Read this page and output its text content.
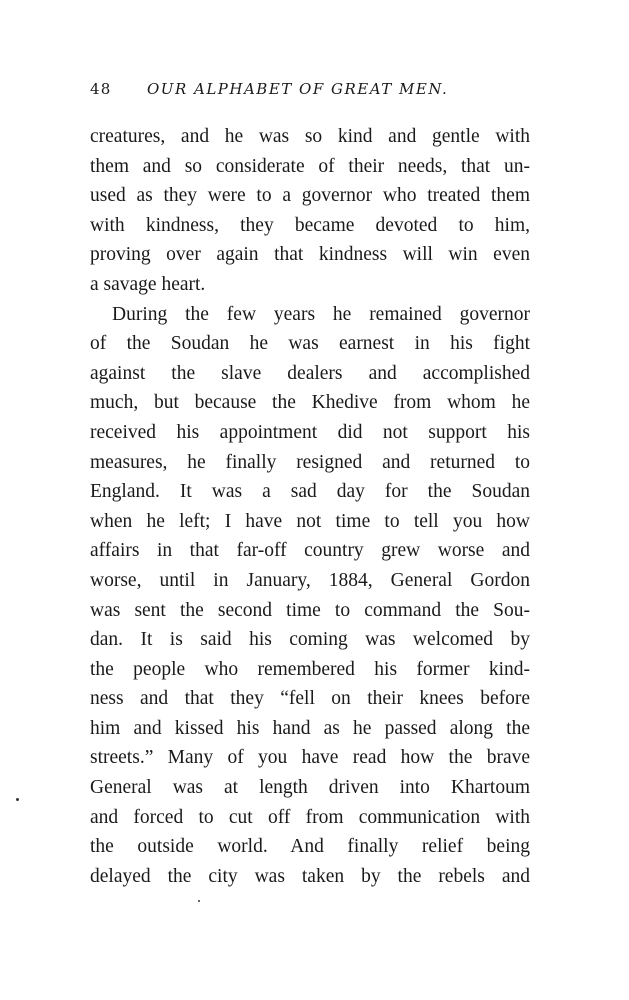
48 OUR ALPHABET OF GREAT MEN.
creatures, and he was so kind and gentle with
them and so considerate of their needs, that un-
used as they were to a governor who treated them
with kindness, they became devoted to him,
proving over again that kindness will win even
a savage heart.
During the few years he remained governor
of the Soudan he was earnest in his fight
against the slave dealers and accomplished
much, but because the Khedive from whom he
received his appointment did not support his
measures, he finally resigned and returned to
England. It was a sad day for the Soudan
when he left; I have not time to tell you how
affairs in that far-off country grew worse and
worse, until in January, 1884, General Gordon
was sent the second time to command the Sou-
dan. It is said his coming was welcomed by
the people who remembered his former kind-
ness and that they “fell on their knees before
him and kissed his hand as he passed along the
streets.” Many of you have read how the brave
General was at length driven into Khartoum
and forced to cut off from communication with
the outside world. And finally relief being
delayed the city was taken by the rebels and
